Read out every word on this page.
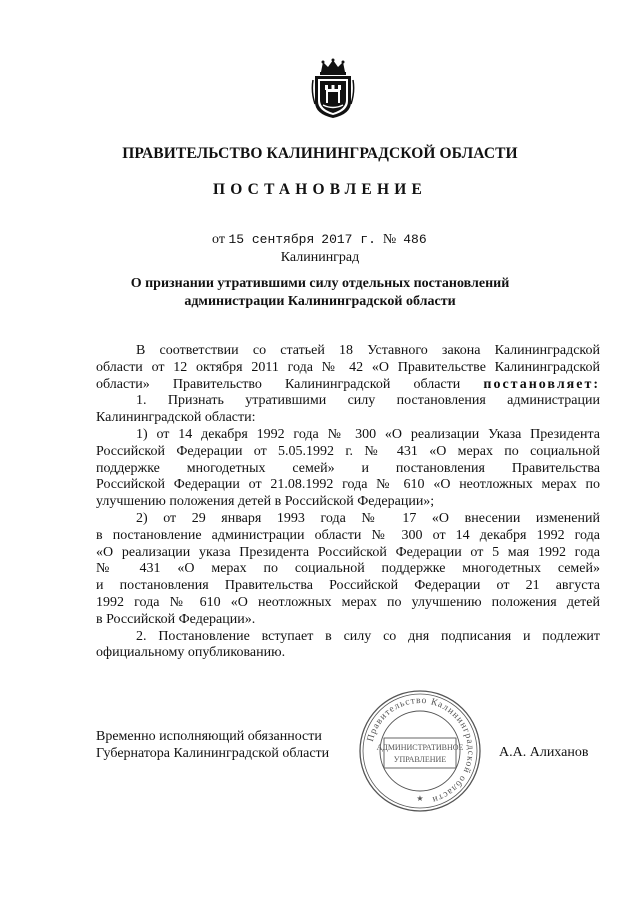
ПРАВИТЕЛЬСТВО КАЛИНИНГРАДСКОЙ ОБЛАСТИ
ПОСТАНОВЛЕНИЕ
от 15 сентября 2017 г. № 486
Калининград
О признании утратившими силу отдельных постановлений
администрации Калининградской области
В соответствии со статьей 18 Уставного закона Калининградской
области от 12 октября 2011 года № 42 «О Правительстве Калининградской
области» Правительство Калининградской области постановляет:
1. Признать утратившими силу постановления администрации
Калининградской области:
1) от 14 декабря 1992 года № 300 «О реализации Указа Президента
Российской Федерации от 5.05.1992 г. № 431 «О мерах по социальной
поддержке многодетных семей» и постановления Правительства
Российской Федерации от 21.08.1992 года № 610 «О неотложных мерах по
улучшению положения детей в Российской Федерации»;
2) от 29 января 1993 года № 17 «О внесении изменений
в постановление администрации области № 300 от 14 декабря 1992 года
«О реализации указа Президента Российской Федерации от 5 мая 1992 года
№ 431 «О мерах по социальной поддержке многодетных семей»
и постановления Правительства Российской Федерации от 21 августа
1992 года № 610 «О неотложных мерах по улучшению положения детей
в Российской Федерации».
2. Постановление вступает в силу со дня подписания и подлежит
официальному опубликованию.
Временно исполняющий обязанности
Губернатора Калининградской области
Правительство Калининградской области
АДМИНИСТРАТИВНОЕ
УПРАВЛЕНИЕ
★
А.А. Алиханов
